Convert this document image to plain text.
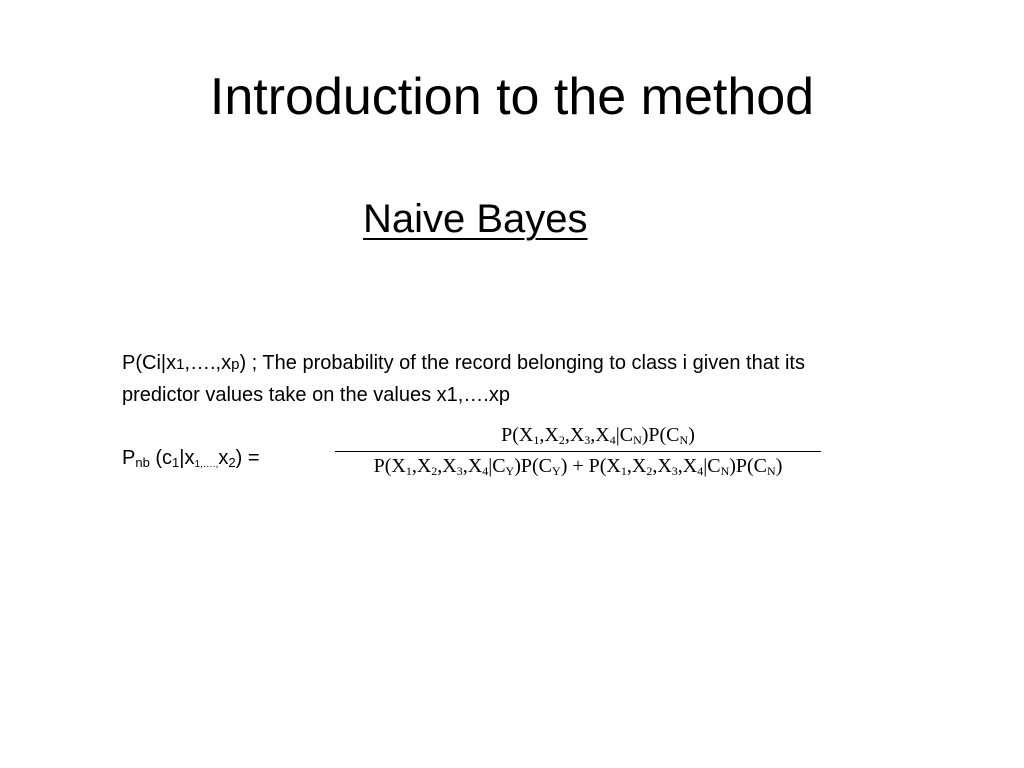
Introduction to the method
Naive Bayes
P(Ci|x1,….,xp) ; The probability of the record belonging to class i given that its predictor values take on the values x1,….xp
$P_{nb}$ $(c_1|x_{1,\dots.,}x_2)$ =
$P(X_1,X_2,X_3,X_4|C_N)P(C_N)$
$P(X_1,X_2,X_3,X_4|C_Y)P(C_Y) + P(X_1,X_2,X_3,X_4|C_N)P(C_N)$
